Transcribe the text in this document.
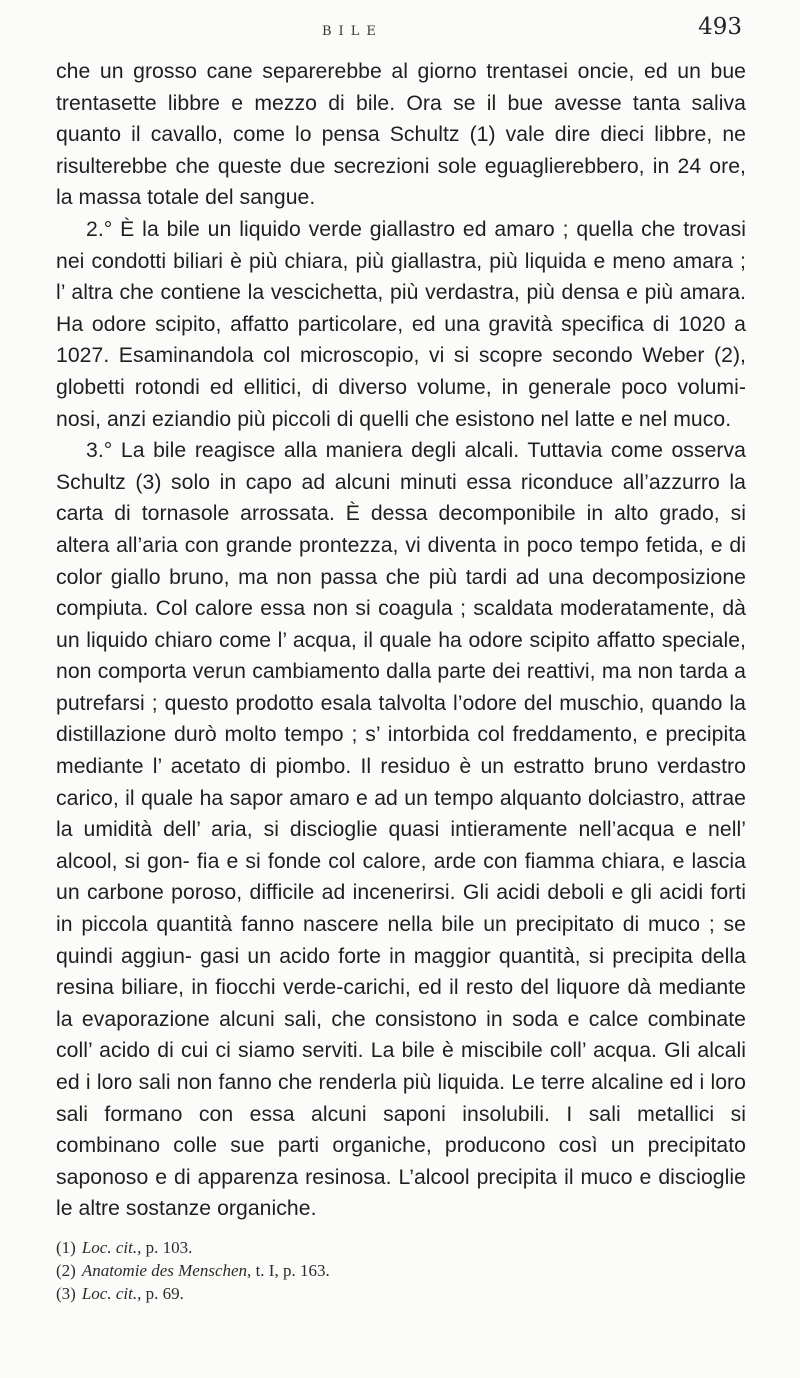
BILE	493

che un grosso cane separerebbe al giorno trentasei oncie, ed un bue trentasette libbre e mezzo di bile. Ora se il bue avesse tanta saliva quanto il cavallo, come lo pensa Schultz (1) vale dire dieci libbre, ne risulterebbe che queste due secrezioni sole eguaglierebbero, in 24 ore, la massa totale del sangue.

2.° È la bile un liquido verde giallastro ed amaro ; quella che trovasi nei condotti biliari è più chiara, più giallastra, più liquida e meno amara ; l’ altra che contiene la vescichetta, più verdastra, più densa e più amara. Ha odore scipito, affatto particolare, ed una gravità specifica di 1020 a 1027. Esaminandola col microscopio, vi si scopre secondo Weber (2), globetti rotondi ed ellitici, di diverso volume, in generale poco volumi- nosi, anzi eziandio più piccoli di quelli che esistono nel latte e nel muco.

3.° La bile reagisce alla maniera degli alcali. Tuttavia come osserva Schultz (3) solo in capo ad alcuni minuti essa riconduce all’azzurro la carta di tornasole arrossata. È dessa decomponibile in alto grado, si altera all’aria con grande prontezza, vi diventa in poco tempo fetida, e di color giallo bruno, ma non passa che più tardi ad una decomposizione compiuta. Col calore essa non si coagula ; scaldata moderatamente, dà un liquido chiaro come l’ acqua, il quale ha odore scipito affatto speciale, non comporta verun cambiamento dalla parte dei reattivi, ma non tarda a putrefarsi ; questo prodotto esala talvolta l’odore del muschio, quando la distillazione durò molto tempo ; s’ intorbida col freddamento, e precipita mediante l’ acetato di piombo. Il residuo è un estratto bruno verdastro carico, il quale ha sapor amaro e ad un tempo alquanto dolciastro, attrae la umidità dell’ aria, si discioglie quasi intieramente nell’acqua e nell’ alcool, si gon- fia e si fonde col calore, arde con fiamma chiara, e lascia un carbone poroso, difficile ad incenerirsi. Gli acidi deboli e gli acidi forti in piccola quantità fanno nascere nella bile un precipitato di muco ; se quindi aggiun- gasi un acido forte in maggior quantità, si precipita della resina biliare, in fiocchi verde-carichi, ed il resto del liquore dà mediante la evaporazione alcuni sali, che consistono in soda e calce combinate coll’ acido di cui ci siamo serviti. La bile è miscibile coll’ acqua. Gli alcali ed i loro sali non fanno che renderla più liquida. Le terre alcaline ed i loro sali formano con essa alcuni saponi insolubili. I sali metallici si combinano colle sue parti organiche, producono così un precipitato saponoso e di apparenza resinosa. L’alcool precipita il muco e discioglie le altre sostanze organiche.

(1) Loc. cit., p. 103.

(2) Anatomie des Menschen, t. I, p. 163.

(3) Loc. cit., p. 69.
